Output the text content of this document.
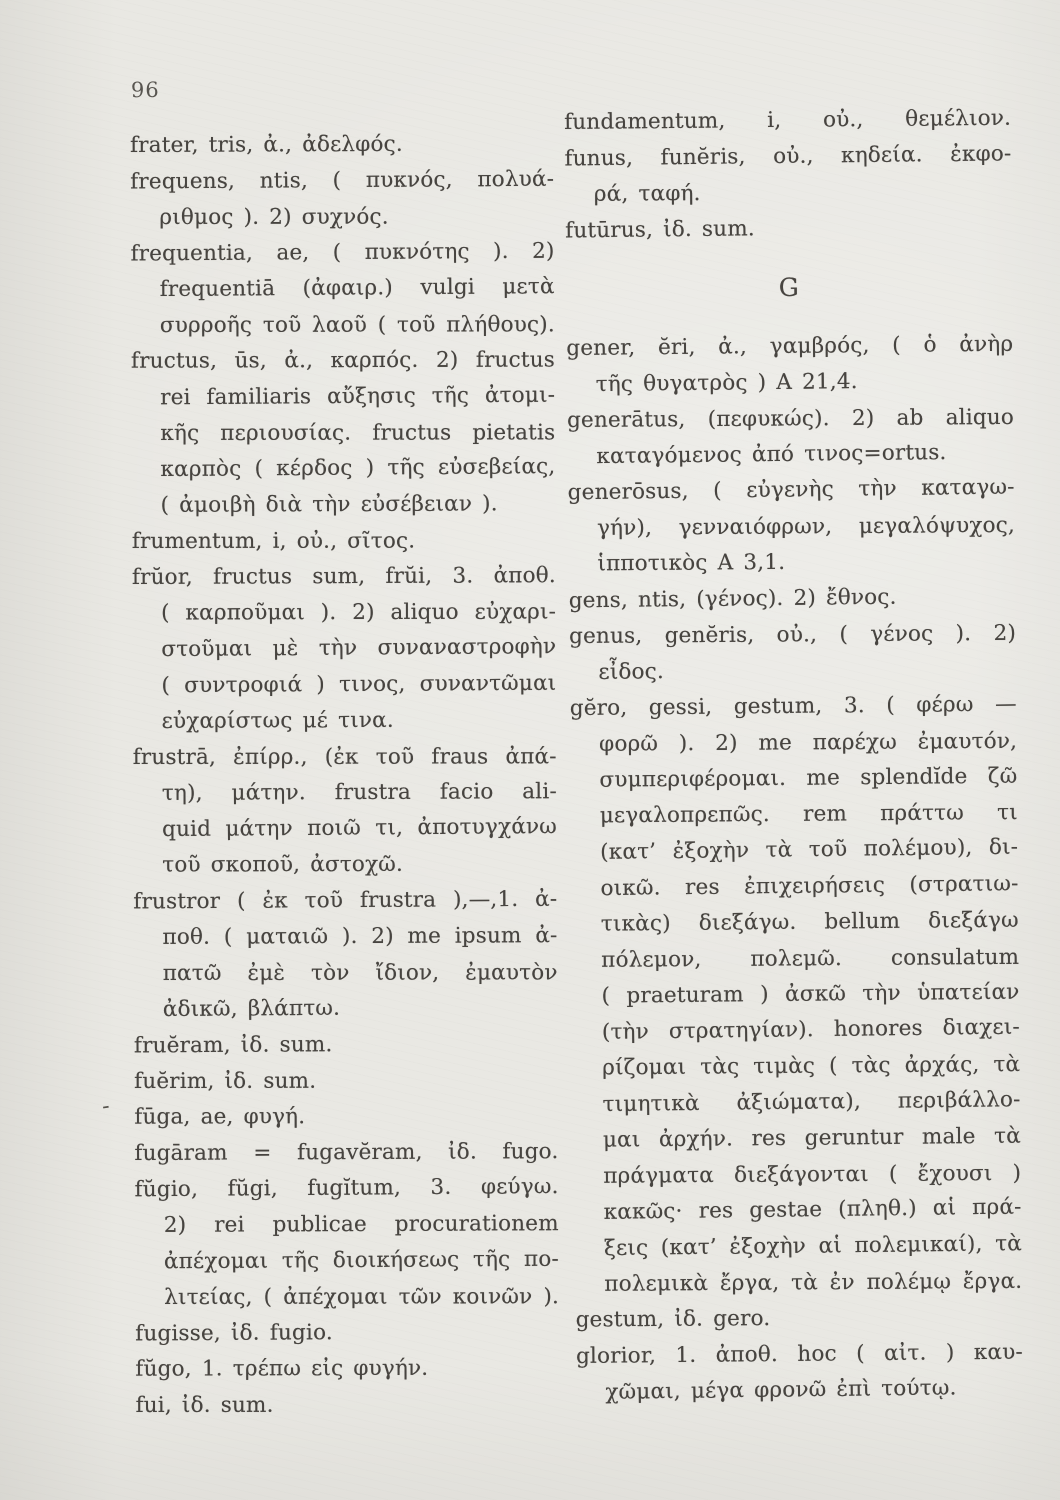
96
-
frater, tris, ἀ., ἀδελφός.
frequens, ntis, ( πυκνός, πολυά-
ριθμος ). 2) συχνός.
frequentia, ae, ( πυκνότης ). 2)
frequentiā (ἀφαιρ.) vulgi μετὰ
συρροῆς τοῦ λαοῦ ( τοῦ πλήθους).
fructus, ūs, ἀ., καρπός. 2) fructus
rei familiaris αὔξησις τῆς ἀτομι-
κῆς περιουσίας. fructus pietatis
καρπὸς ( κέρδος ) τῆς εὐσεβείας,
( ἀμοιβὴ διὰ τὴν εὐσέβειαν ).
frumentum, i, οὐ., σῖτος.
frŭor, fructus sum, frŭi, 3. ἀποθ.
( καρποῦμαι ). 2) aliquo εὐχαρι-
στοῦμαι μὲ τὴν συναναστροφὴν
( συντροφιά ) τινος, συναντῶμαι
εὐχαρίστως μέ τινα.
frustrā, ἐπίρρ., (ἐκ τοῦ fraus ἀπά-
τη), μάτην. frustra facio ali-
quid μάτην ποιῶ τι, ἀποτυγχάνω
τοῦ σκοποῦ, ἀστοχῶ.
frustror ( ἐκ τοῦ frustra ),—,1. ἀ-
ποθ. ( ματαιῶ ). 2) me ipsum ἀ-
πατῶ ἐμὲ τὸν ἴδιον, ἐμαυτὸν
ἀδικῶ, βλάπτω.
fruĕram, ἰδ. sum.
fuĕrim, ἰδ. sum.
fūga, ae, φυγή.
fugāram = fugavĕram, ἰδ. fugo.
fŭgio, fŭgi, fugĭtum, 3. φεύγω.
2) rei publicae procurationem
ἀπέχομαι τῆς διοικήσεως τῆς πο-
λιτείας, ( ἀπέχομαι τῶν κοινῶν ).
fugisse, ἰδ. fugio.
fŭgo, 1. τρέπω εἰς φυγήν.
fui, ἰδ. sum.
fundamentum, i, οὐ., θεμέλιον.
funus, funĕris, οὐ., κηδεία. ἐκφο-
ρά, ταφή.
futūrus, ἰδ. sum.
G
gener, ĕri, ἀ., γαμβρός, ( ὁ ἀνὴρ
τῆς θυγατρὸς ) A 21,4.
generātus, (πεφυκώς). 2) ab aliquo
καταγόμενος ἀπό τινος=ortus.
generōsus, ( εὐγενὴς τὴν καταγω-
γήν), γενναιόφρων, μεγαλόψυχος,
ἱπποτικὸς A 3,1.
gens, ntis, (γένος). 2) ἔθνος.
genus, genĕris, οὐ., ( γένος ). 2)
εἶδος.
gĕro, gessi, gestum, 3. ( φέρω —
φορῶ ). 2) me παρέχω ἐμαυτόν,
συμπεριφέρομαι. me splendĭde ζῶ
μεγαλοπρεπῶς. rem πράττω τι
(κατ’ ἐξοχὴν τὰ τοῦ πολέμου), δι-
οικῶ. res ἐπιχειρήσεις (στρατιω-
τικὰς) διεξάγω. bellum διεξάγω
πόλεμον, πολεμῶ. consulatum
( praeturam ) ἀσκῶ τὴν ὑπατείαν
(τὴν στρατηγίαν). honores διαχει-
ρίζομαι τὰς τιμὰς ( τὰς ἀρχάς, τὰ
τιμητικὰ ἀξιώματα), περιβάλλο-
μαι ἀρχήν. res geruntur male τὰ
πράγματα διεξάγονται ( ἔχουσι )
κακῶς· res gestae (πληθ.) αἱ πρά-
ξεις (κατ’ ἐξοχὴν αἱ πολεμικαί), τὰ
πολεμικὰ ἔργα, τὰ ἐν πολέμῳ ἔργα.
gestum, ἰδ. gero.
glorior, 1. ἀποθ. hoc ( αἰτ. ) καυ-
χῶμαι, μέγα φρονῶ ἐπὶ τούτῳ.
